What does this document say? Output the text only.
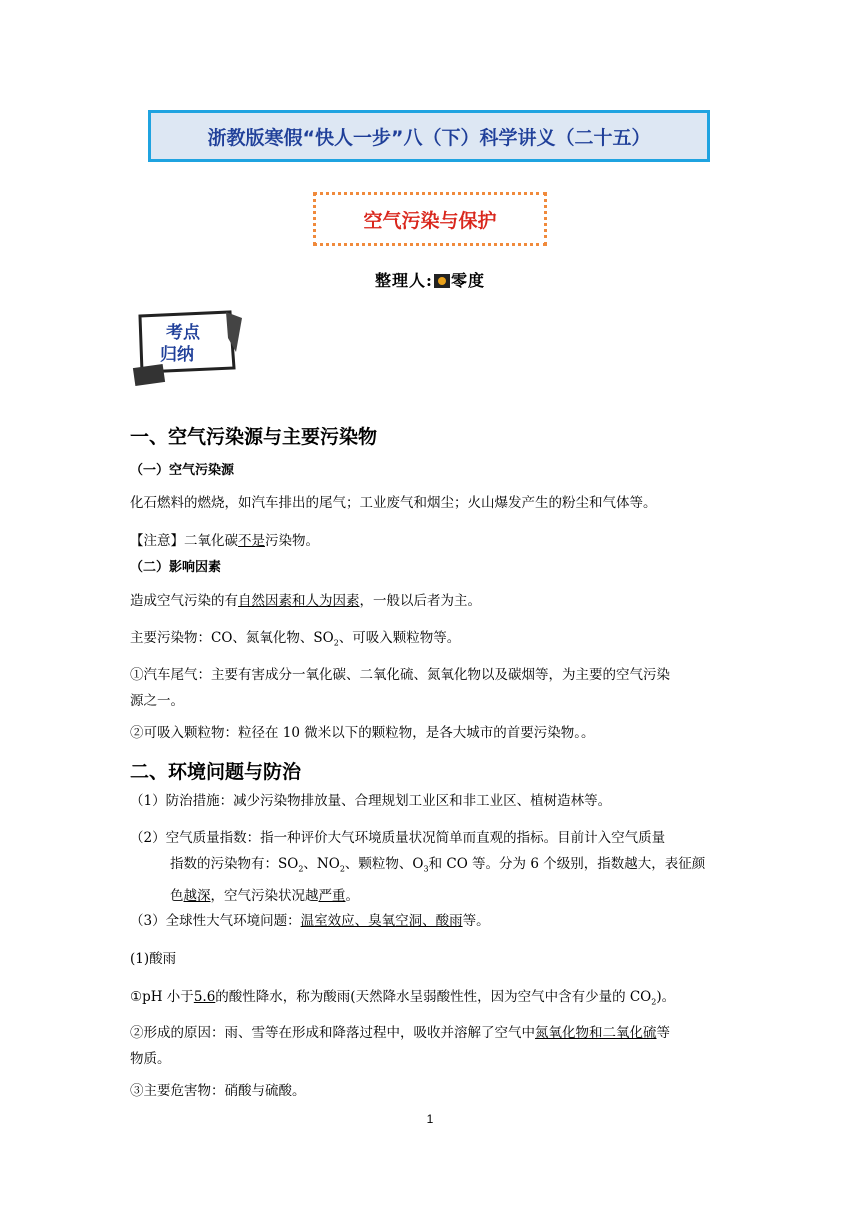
浙教版寒假“快人一步”八（下）科学讲义（二十五）
空气污染与保护
整理人: 零度
考点
归纳
一、空气污染源与主要污染物
（一）空气污染源
化石燃料的燃烧，如汽车排出的尾气；工业废气和烟尘；火山爆发产生的粉尘和气体等。
【注意】二氧化碳不是污染物。
（二）影响因素
造成空气污染的有自然因素和人为因素，一般以后者为主。
主要污染物：CO、氮氧化物、$SO_2$、可吸入颗粒物等。
①汽车尾气：主要有害成分一氧化碳、二氧化硫、氮氧化物以及碳烟等，为主要的空气污染
源之一。
②可吸入颗粒物：粒径在 10 微米以下的颗粒物，是各大城市的首要污染物。。
二、环境问题与防治
（1）防治措施：减少污染物排放量、合理规划工业区和非工业区、植树造林等。
（2）空气质量指数：指一种评价大气环境质量状况简单而直观的指标。目前计入空气质量
指数的污染物有：$SO_2$、$NO_2$、颗粒物、$O_3$和 CO 等。分为 6 个级别，指数越大，表征颜
色越深，空气污染状况越严重。
（3）全球性大气环境问题：温室效应、臭氧空洞、酸雨等。
(1)酸雨
①pH 小于5.6的酸性降水，称为酸雨(天然降水呈弱酸性性，因为空气中含有少量的 $CO_2$)。
②形成的原因：雨、雪等在形成和降落过程中，吸收并溶解了空气中氮氧化物和二氧化硫等
物质。
③主要危害物：硝酸与硫酸。
1
